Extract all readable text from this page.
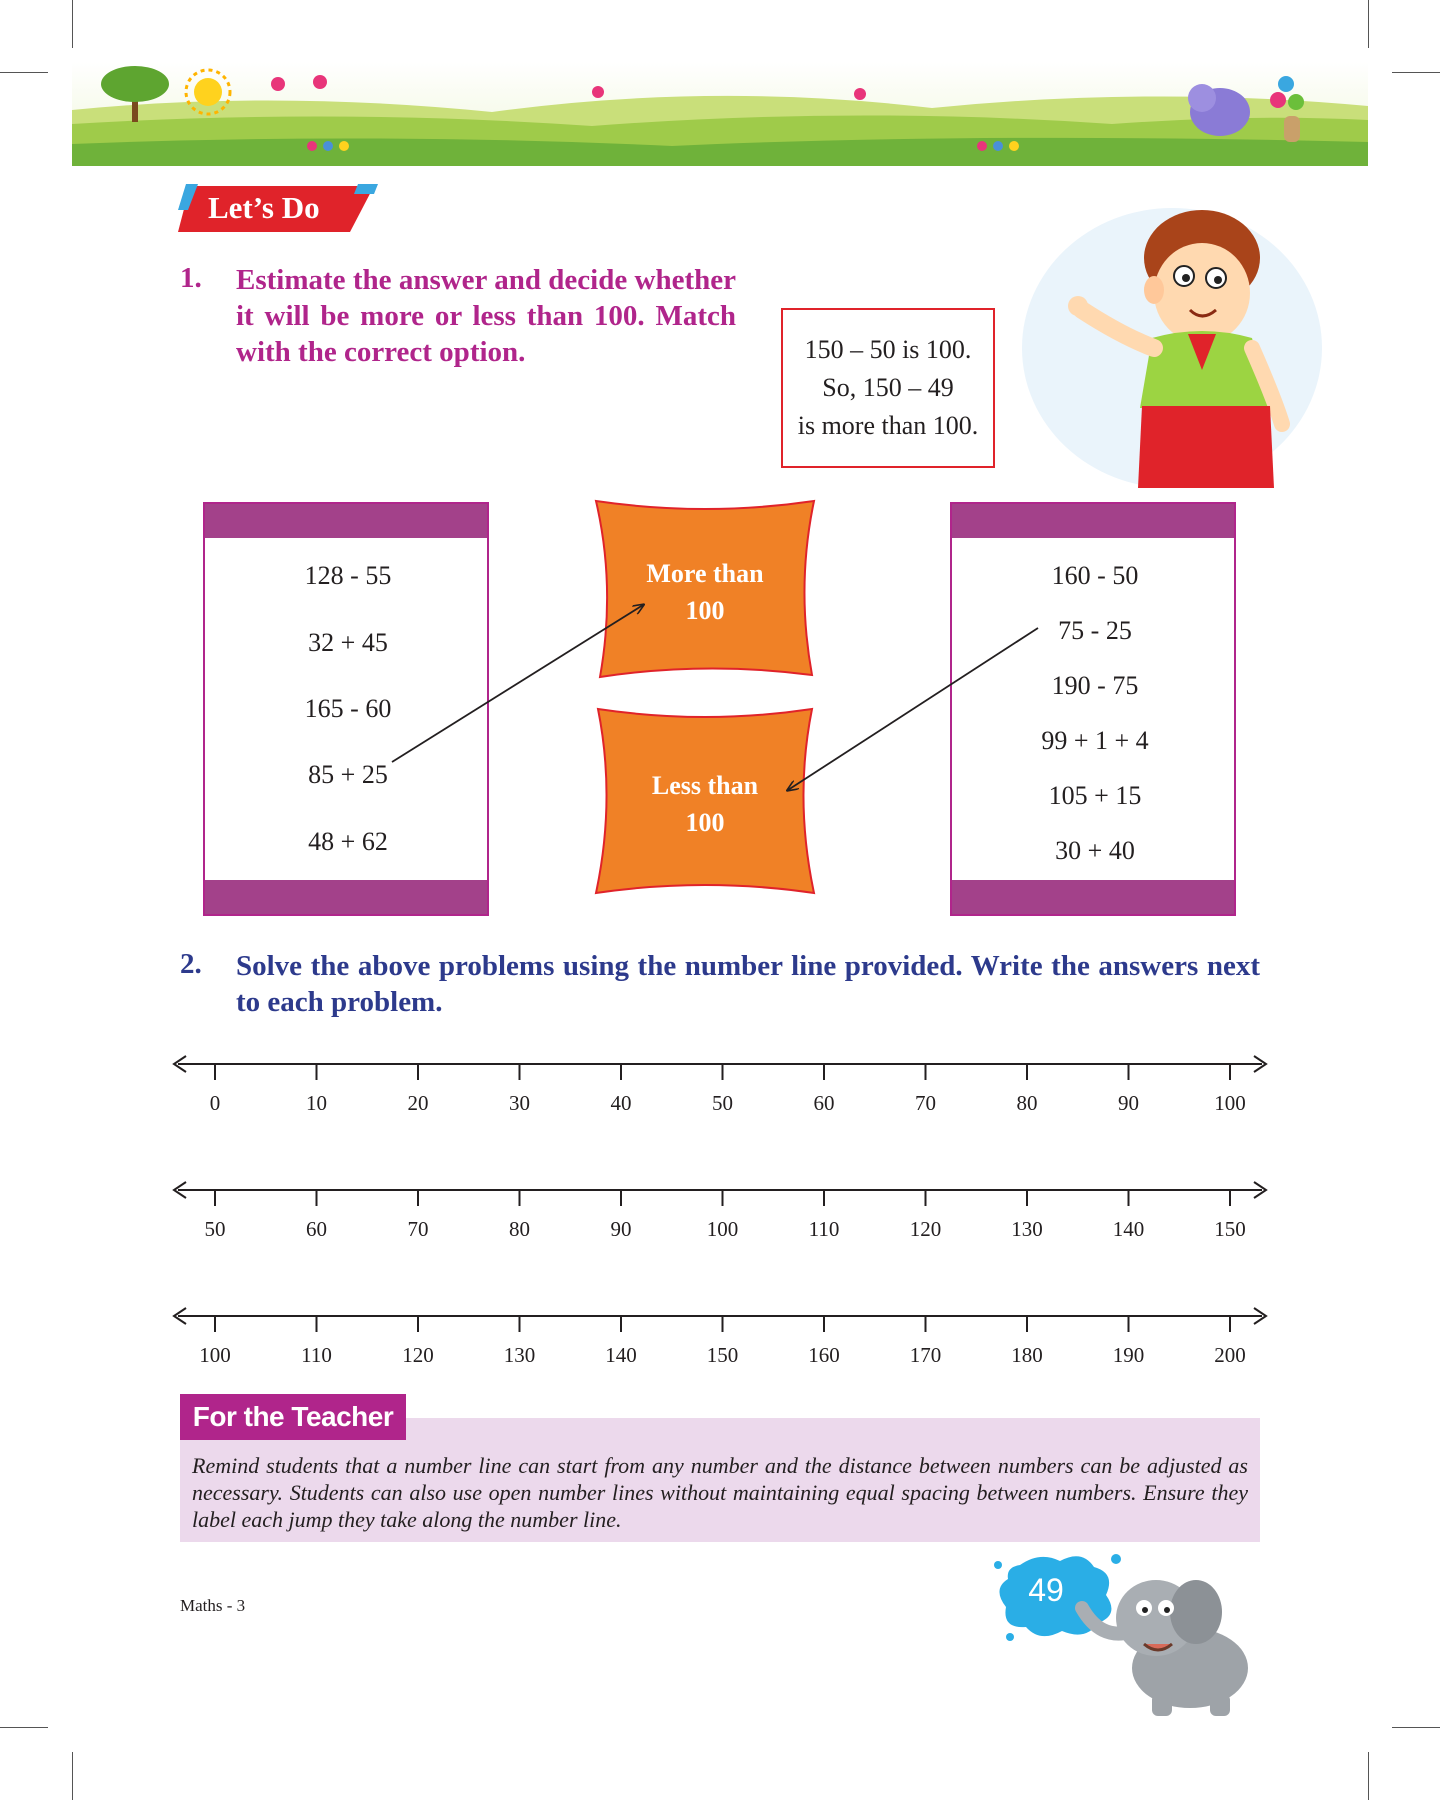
Let’s Do
1. Estimate the answer and decide whether it will be more or less than 100. Match with the correct option.	150 – 50 is 100.
So, 150 – 49
is more than 100.
128 - 55
32 + 45
165 - 60
85 + 25
48 + 62
More than
100
Less than
100
160 - 50
75 - 25
190 - 75
99 + 1 + 4
105 + 15
30 + 40
2. Solve the above problems using the number line provided. Write the answers next to each problem.
0	10	20	30	40	50	60	70	80	90	100
50	60	70	80	90	100	110	120	130	140	150
100	110	120	130	140	150	160	170	180	190	200
For the Teacher
Remind students that a number line can start from any number and the distance between numbers can be adjusted as necessary. Students can also use open number lines without maintaining equal spacing between numbers. Ensure they label each jump they take along the number line.
Maths - 3	49
